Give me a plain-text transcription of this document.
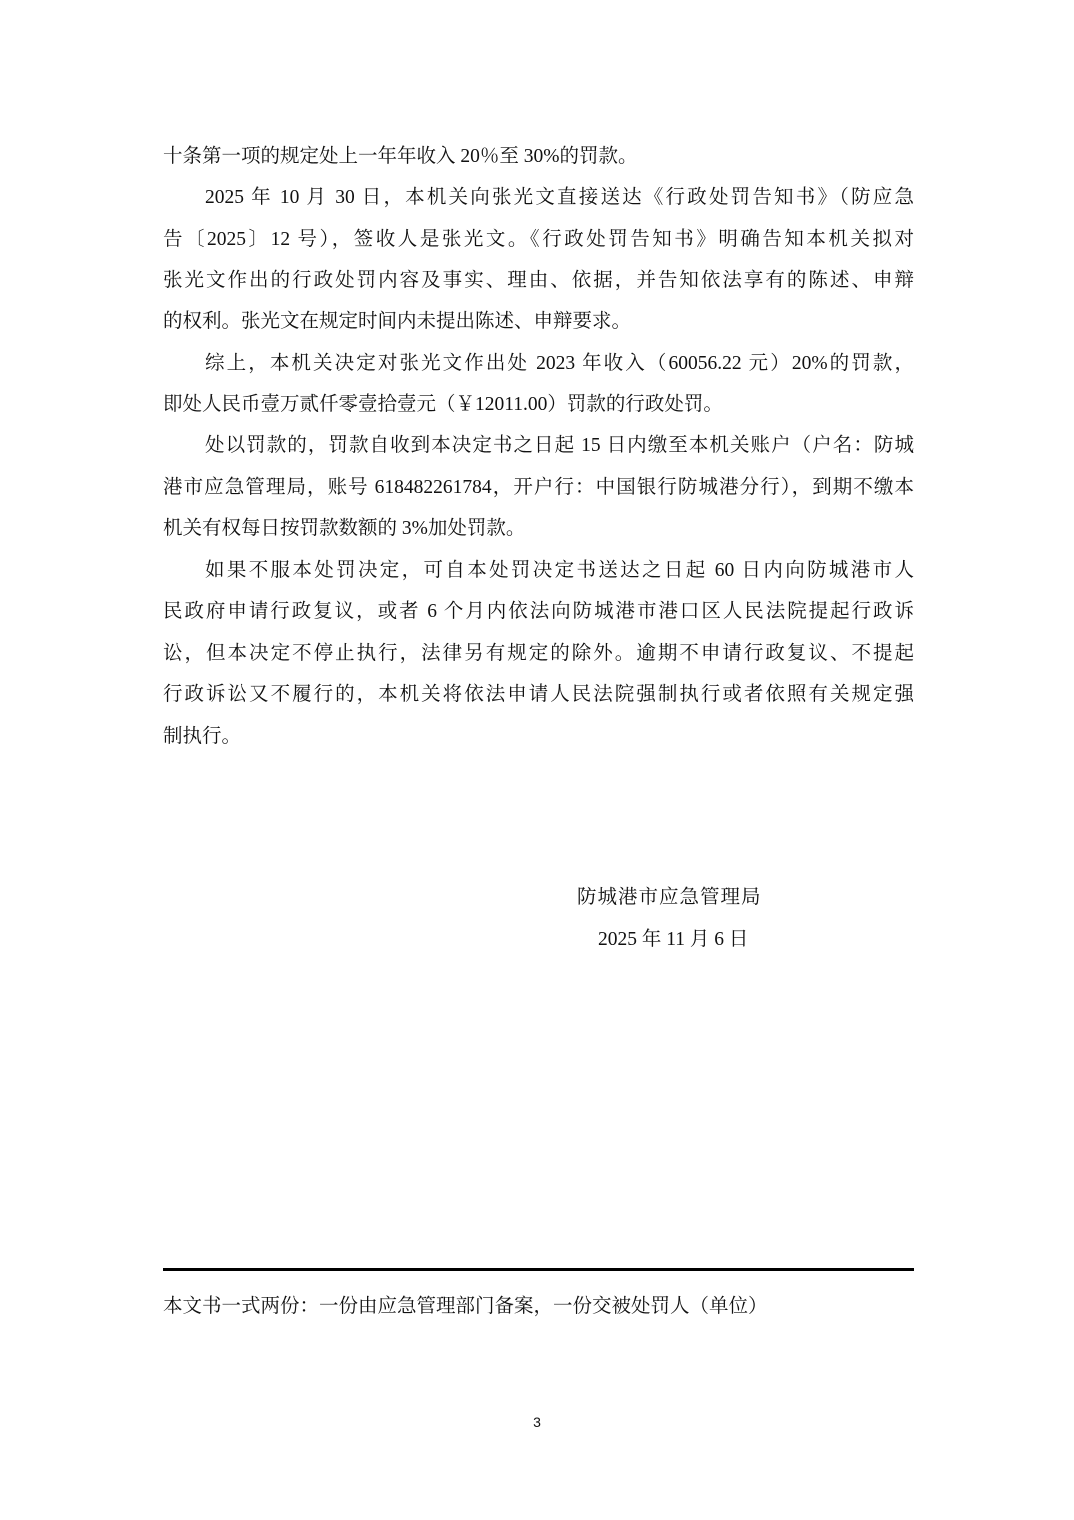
十条第一项的规定处上一年年收入 20％至 30%的罚款。
2025 年 10 月 30 日，本机关向张光文直接送达《行政处罚告知书》（防应急
告〔2025〕12 号），签收人是张光文。《行政处罚告知书》明确告知本机关拟对
张光文作出的行政处罚内容及事实、理由、依据，并告知依法享有的陈述、申辩
的权利。张光文在规定时间内未提出陈述、申辩要求。
综上，本机关决定对张光文作出处 2023 年收入（60056.22 元）20%的罚款，
即处人民币壹万贰仟零壹拾壹元（￥12011.00）罚款的行政处罚。
处以罚款的，罚款自收到本决定书之日起 15 日内缴至本机关账户（户名：防城
港市应急管理局，账号 618482261784，开户行：中国银行防城港分行），到期不缴本
机关有权每日按罚款数额的 3%加处罚款。
如果不服本处罚决定，可自本处罚决定书送达之日起 60 日内向防城港市人
民政府申请行政复议，或者 6 个月内依法向防城港市港口区人民法院提起行政诉
讼，但本决定不停止执行，法律另有规定的除外。逾期不申请行政复议、不提起
行政诉讼又不履行的，本机关将依法申请人民法院强制执行或者依照有关规定强
制执行。
防城港市应急管理局
2025 年 11 月 6 日
本文书一式两份：一份由应急管理部门备案，一份交被处罚人（单位）
3
